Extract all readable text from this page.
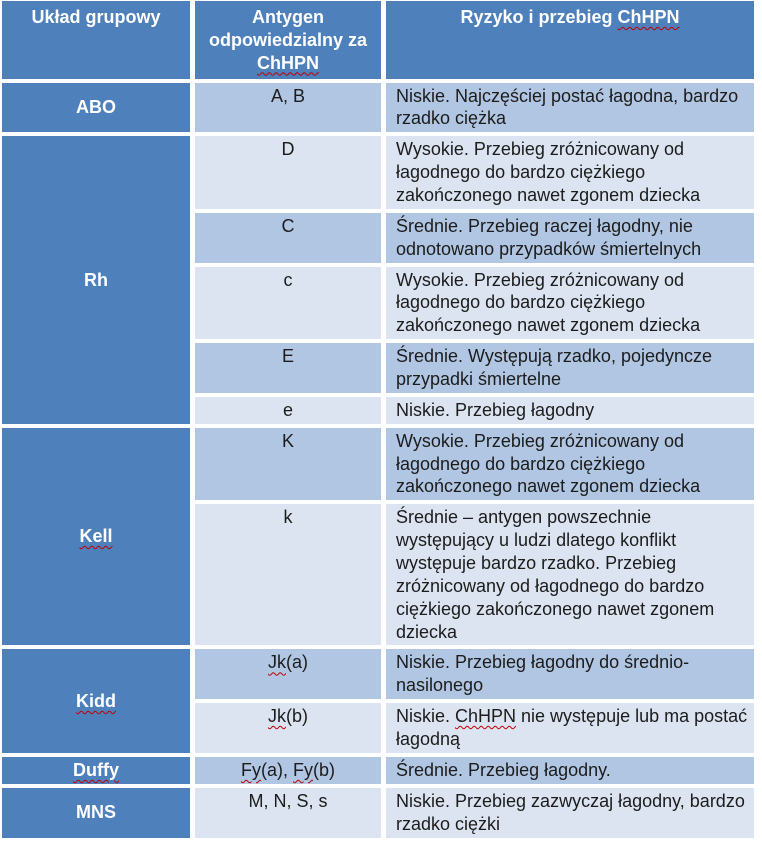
Układ grupowy	Antygen odpowiedzialny za ChHPN	Ryzyko i przebieg ChHPN
ABO	A, B	Niskie. Najczęściej postać łagodna, bardzo rzadko ciężka
Rh	D	Wysokie. Przebieg zróżnicowany od łagodnego do bardzo ciężkiego zakończonego nawet zgonem dziecka
	C	Średnie. Przebieg raczej łagodny, nie odnotowano przypadków śmiertelnych
	c	Wysokie. Przebieg zróżnicowany od łagodnego do bardzo ciężkiego zakończonego nawet zgonem dziecka
	E	Średnie. Występują rzadko, pojedyncze przypadki śmiertelne
	e	Niskie. Przebieg łagodny
Kell	K	Wysokie. Przebieg zróżnicowany od łagodnego do bardzo ciężkiego zakończonego nawet zgonem dziecka
	k	Średnie – antygen powszechnie występujący u ludzi dlatego konflikt występuje bardzo rzadko. Przebieg zróżnicowany od łagodnego do bardzo ciężkiego zakończonego nawet zgonem dziecka
Kidd	Jk(a)	Niskie. Przebieg łagodny do średnio-nasilonego
	Jk(b)	Niskie. ChHPN nie występuje lub ma postać łagodną
Duffy	Fy(a), Fy(b)	Średnie. Przebieg łagodny.
MNS	M, N, S, s	Niskie. Przebieg zazwyczaj łagodny, bardzo rzadko ciężki
